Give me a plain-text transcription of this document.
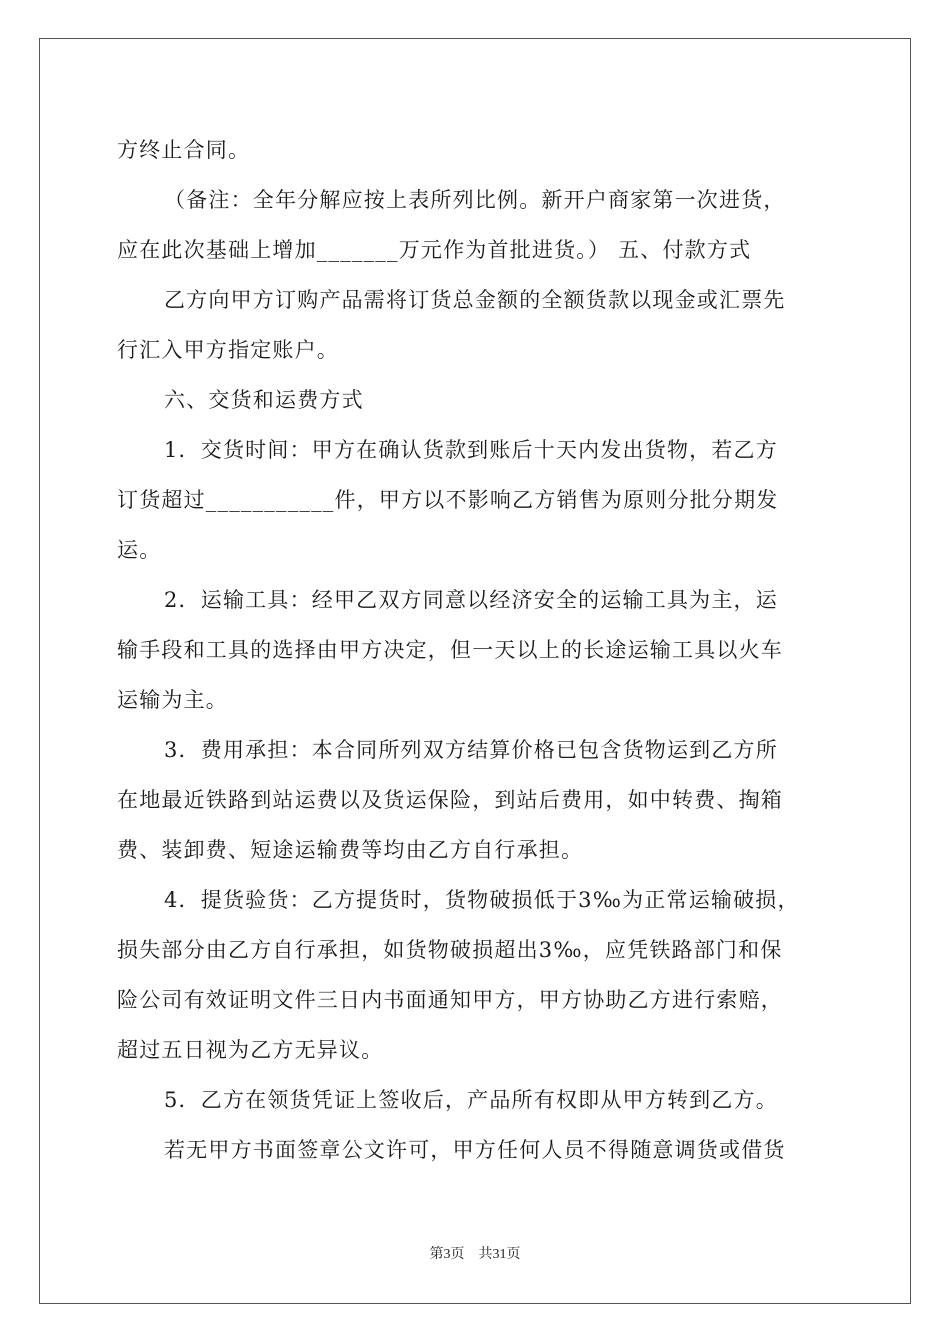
方终止合同。
（备注：全年分解应按上表所列比例。新开户商家第一次进货，
应在此次基础上增加_______万元作为首批进货。） 五、付款方式
乙方向甲方订购产品需将订货总金额的全额货款以现金或汇票先
行汇入甲方指定账户。
六、交货和运费方式
1．交货时间：甲方在确认货款到账后十天内发出货物，若乙方
订货超过___________件，甲方以不影响乙方销售为原则分批分期发
运。
2．运输工具：经甲乙双方同意以经济安全的运输工具为主，运
输手段和工具的选择由甲方决定，但一天以上的长途运输工具以火车
运输为主。
3．费用承担：本合同所列双方结算价格已包含货物运到乙方所
在地最近铁路到站运费以及货运保险，到站后费用，如中转费、掏箱
费、装卸费、短途运输费等均由乙方自行承担。
4．提货验货：乙方提货时，货物破损低于3‰为正常运输破损，
损失部分由乙方自行承担，如货物破损超出3‰，应凭铁路部门和保
险公司有效证明文件三日内书面通知甲方，甲方协助乙方进行索赔，
超过五日视为乙方无异议。
5．乙方在领货凭证上签收后，产品所有权即从甲方转到乙方。
若无甲方书面签章公文许可，甲方任何人员不得随意调货或借货
第3页 共31页
